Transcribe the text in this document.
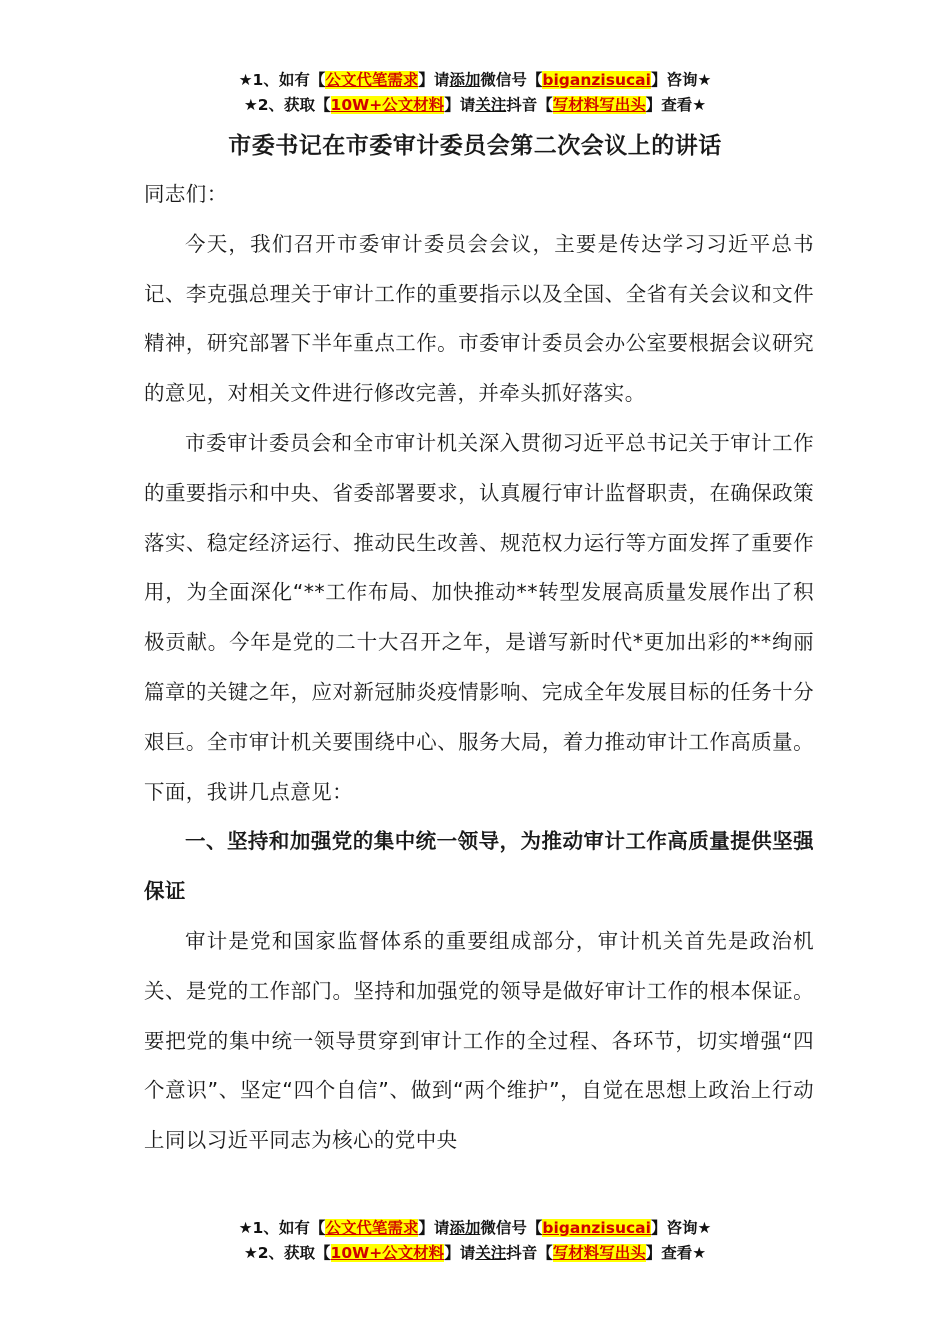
★1、如有【公文代笔需求】请添加微信号【biganzisucai】咨询★
★2、获取【10W+公文材料】请关注抖音【写材料写出头】查看★
市委书记在市委审计委员会第二次会议上的讲话

同志们：

今天，我们召开市委审计委员会会议，主要是传达学习习近平总书记、李克强总理关于审计工作的重要指示以及全国、全省有关会议和文件精神，研究部署下半年重点工作。市委审计委员会办公室要根据会议研究的意见，对相关文件进行修改完善，并牵头抓好落实。

市委审计委员会和全市审计机关深入贯彻习近平总书记关于审计工作的重要指示和中央、省委部署要求，认真履行审计监督职责，在确保政策落实、稳定经济运行、推动民生改善、规范权力运行等方面发挥了重要作用，为全面深化“**工作布局、加快推动**转型发展高质量发展作出了积极贡献。今年是党的二十大召开之年，是谱写新时代*更加出彩的**绚丽篇章的关键之年，应对新冠肺炎疫情影响、完成全年发展目标的任务十分艰巨。全市审计机关要围绕中心、服务大局，着力推动审计工作高质量。下面，我讲几点意见：

一、坚持和加强党的集中统一领导，为推动审计工作高质量提供坚强保证

审计是党和国家监督体系的重要组成部分，审计机关首先是政治机关、是党的工作部门。坚持和加强党的领导是做好审计工作的根本保证。要把党的集中统一领导贯穿到审计工作的全过程、各环节，切实增强“四个意识”、坚定“四个自信”、做到“两个维护”，自觉在思想上政治上行动上同以习近平同志为核心的党中央

★1、如有【公文代笔需求】请添加微信号【biganzisucai】咨询★
★2、获取【10W+公文材料】请关注抖音【写材料写出头】查看★
